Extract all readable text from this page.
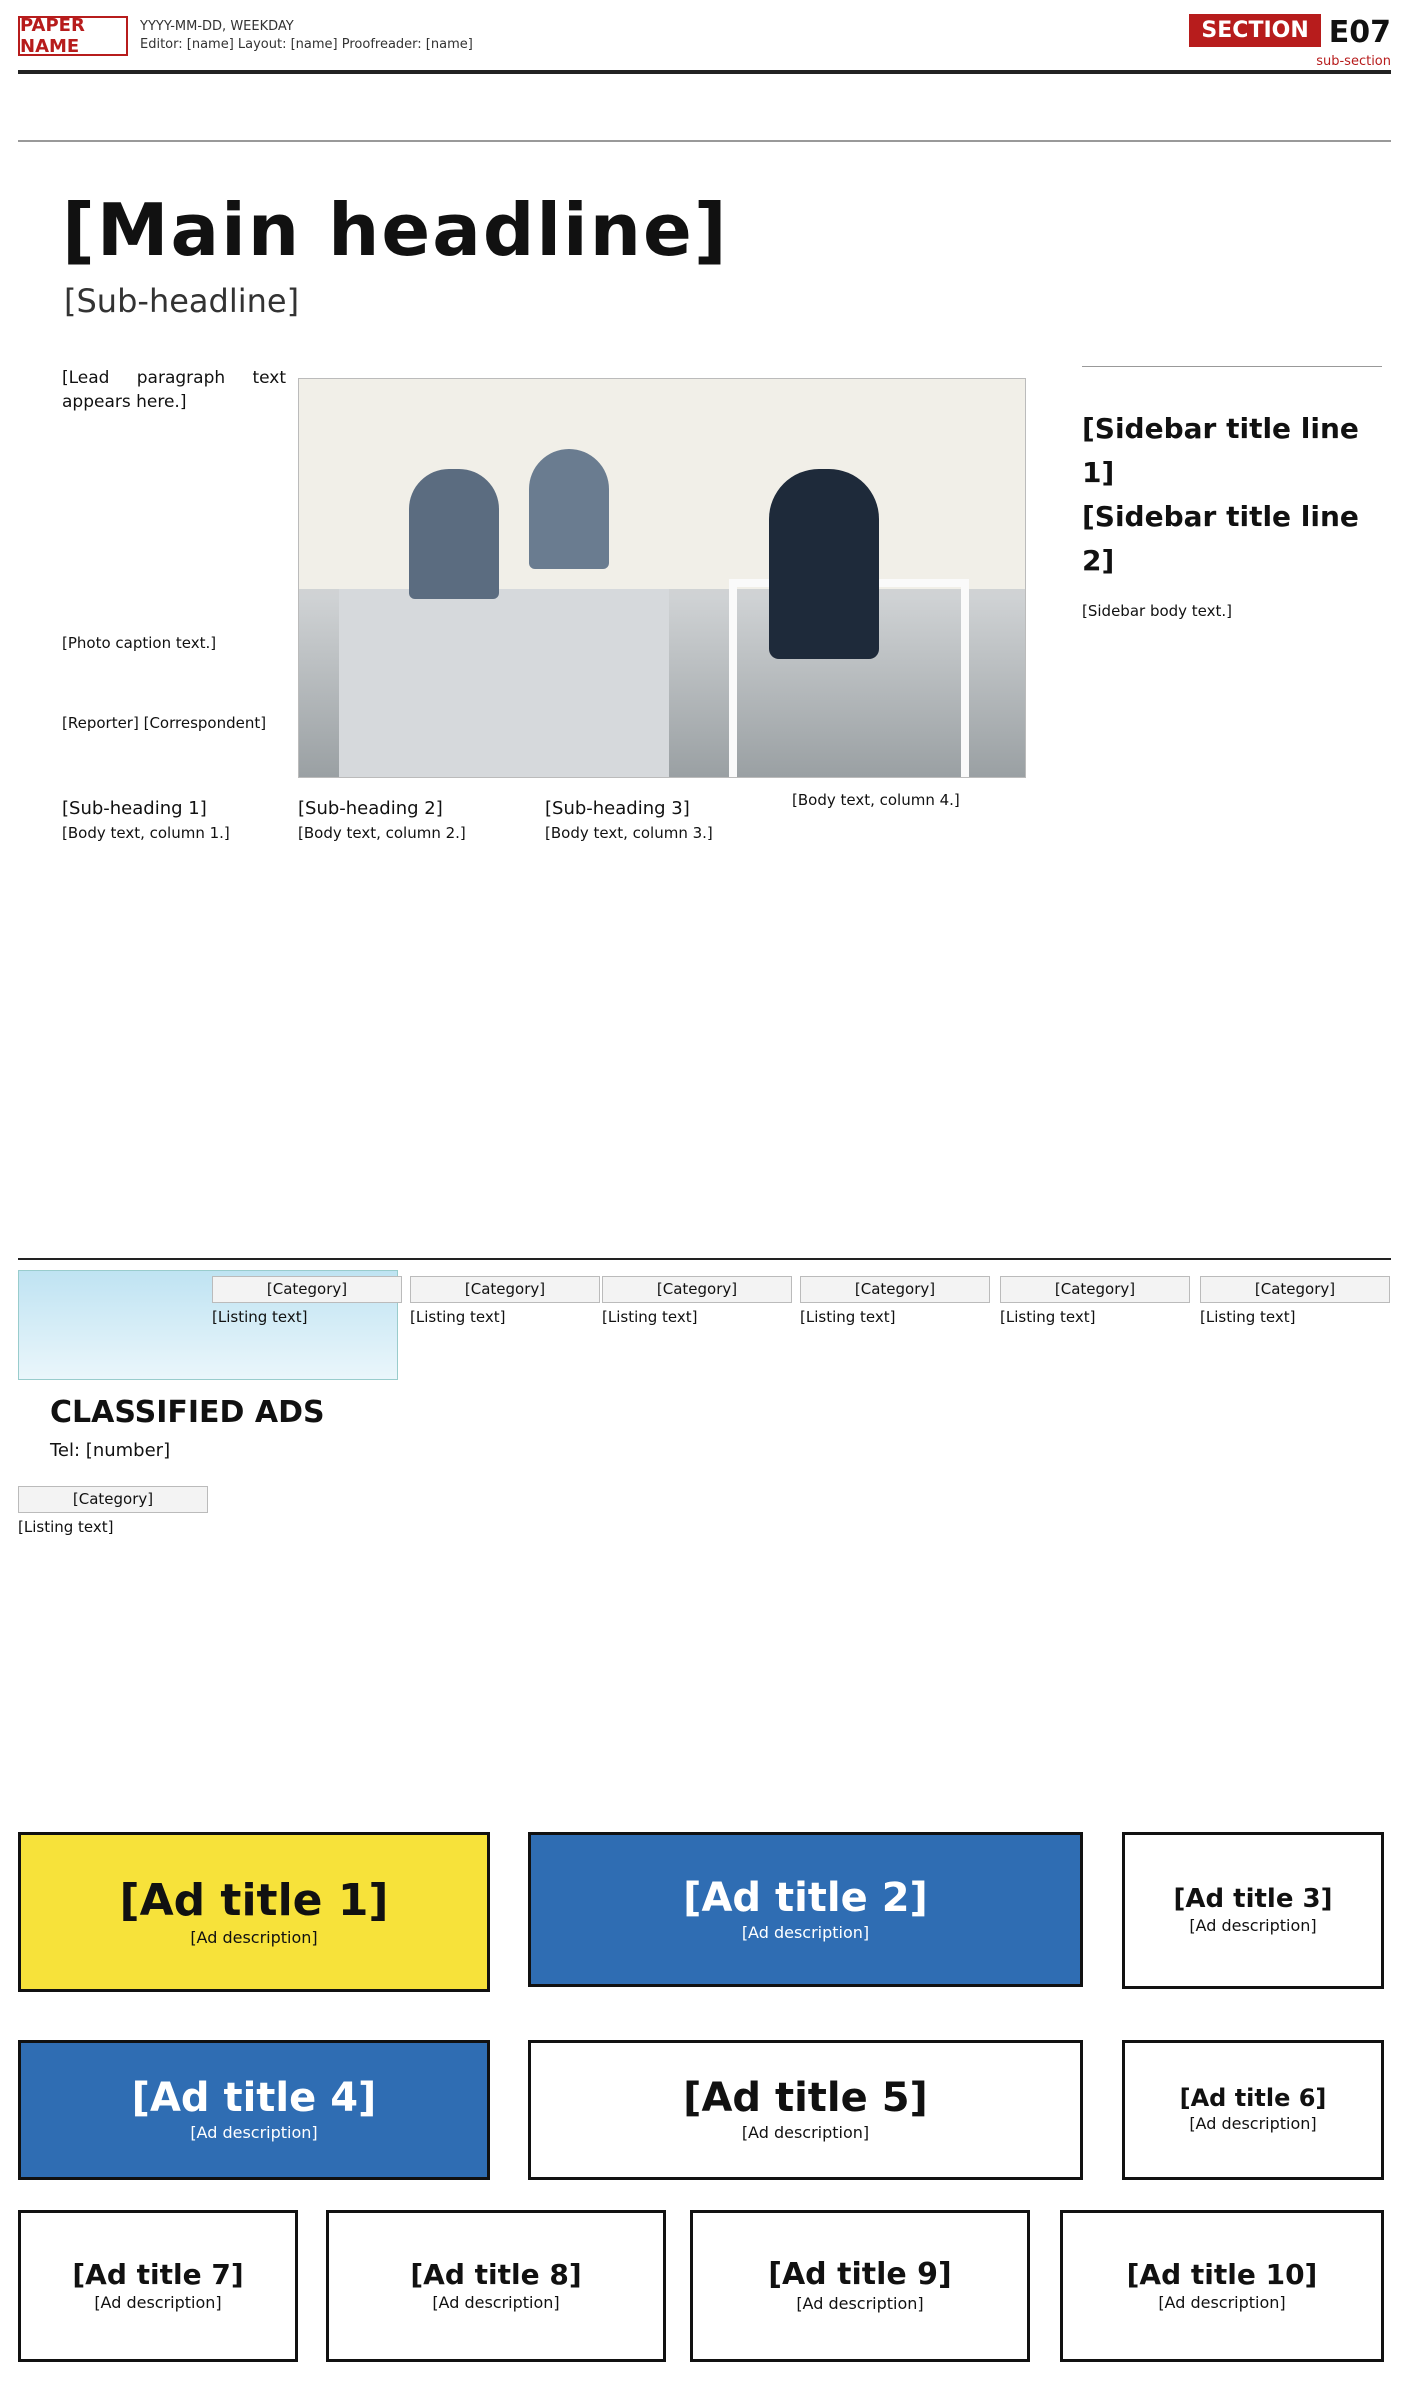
PAPER NAME
YYYY-MM-DD, WEEKDAY
Editor: [name] Layout: [name] Proofreader: [name]
SECTION E07
sub-section
[Main headline]
[Sub-headline]
[Lead paragraph text appears here.]
[Photo caption text.]
[Reporter] [Correspondent]
[Sub-heading 1]

[Body text, column 1.]

[Sub-heading 2]

[Body text, column 2.]

[Sub-heading 3]

[Body text, column 3.]

[Body text, column 4.]

[Sidebar title line 1]
[Sidebar title line 2]
[Sidebar body text.]
CLASSIFIED ADS
Tel: [number]
[Category]

[Listing text]

[Category]

[Listing text]

[Category]

[Listing text]

[Category]

[Listing text]

[Category]

[Listing text]

[Category]

[Listing text]

[Category]

[Listing text]

[Ad title 1]
[Ad description]
[Ad title 2]
[Ad description]
[Ad title 3]
[Ad description]
[Ad title 4]
[Ad description]
[Ad title 5]
[Ad description]
[Ad title 6]
[Ad description]
[Ad title 7]
[Ad description]
[Ad title 8]
[Ad description]
[Ad title 9]
[Ad description]
[Ad title 10]
[Ad description]
